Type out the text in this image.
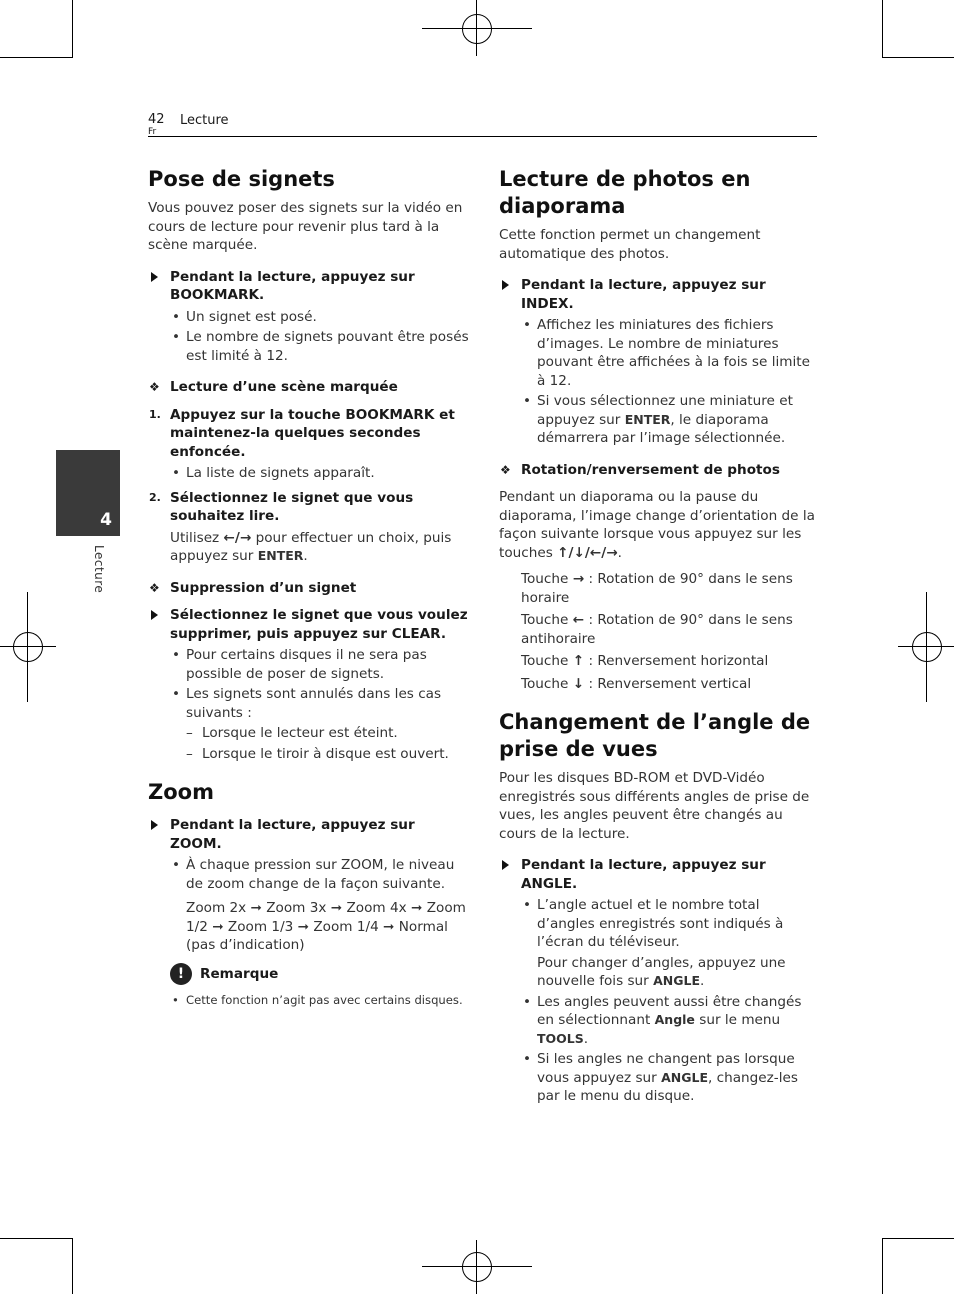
42
Fr
Lecture
4
Lecture
Pose de signets

Vous pouvez poser des signets sur la vidéo en cours de lecture pour revenir plus tard à la scène marquée.

Pendant la lecture, appuyez sur BOOKMARK.

• Un signet est posé.

• Le nombre de signets pouvant être posés est limité à 12.

❖ Lecture d’une scène marquée

1. Appuyez sur la touche BOOKMARK et maintenez-la quelques secondes enfoncée.

• La liste de signets apparaît.

2. Sélectionnez le signet que vous souhaitez lire.

Utilisez ←/→ pour effectuer un choix, puis appuyez sur ENTER.

❖ Suppression d’un signet

Sélectionnez le signet que vous voulez supprimer, puis appuyez sur CLEAR.

• Pour certains disques il ne sera pas possible de poser de signets.

• Les signets sont annulés dans les cas suivants :

– Lorsque le lecteur est éteint.

– Lorsque le tiroir à disque est ouvert.

Zoom

Pendant la lecture, appuyez sur ZOOM.

• À chaque pression sur ZOOM, le niveau de zoom change de la façon suivante.

Zoom 2x ➞ Zoom 3x ➞ Zoom 4x ➞ Zoom 1/2 ➞ Zoom 1/3 ➞ Zoom 1/4 ➞ Normal (pas d’indication)

!	Remarque

• Cette fonction n’agit pas avec certains disques.

Lecture de photos en diaporama

Cette fonction permet un changement automatique des photos.

Pendant la lecture, appuyez sur INDEX.

• Affichez les miniatures des fichiers d’images. Le nombre de miniatures pouvant être affichées à la fois se limite à 12.

• Si vous sélectionnez une miniature et appuyez sur ENTER, le diaporama démarrera par l’image sélectionnée.

❖ Rotation/renversement de photos

Pendant un diaporama ou la pause du diaporama, l’image change d’orientation de la façon suivante lorsque vous appuyez sur les touches ↑/↓/←/→.

Touche → : Rotation de 90° dans le sens horaire

Touche ← : Rotation de 90° dans le sens antihoraire

Touche ↑ : Renversement horizontal

Touche ↓ : Renversement vertical

Changement de l’angle de prise de vues

Pour les disques BD-ROM et DVD-Vidéo enregistrés sous différents angles de prise de vues, les angles peuvent être changés au cours de la lecture.

Pendant la lecture, appuyez sur ANGLE.

• L’angle actuel et le nombre total d’angles enregistrés sont indiqués à l’écran du téléviseur.

Pour changer d’angles, appuyez une nouvelle fois sur ANGLE.

• Les angles peuvent aussi être changés en sélectionnant Angle sur le menu TOOLS.

• Si les angles ne changent pas lorsque vous appuyez sur ANGLE, changez-les par le menu du disque.
